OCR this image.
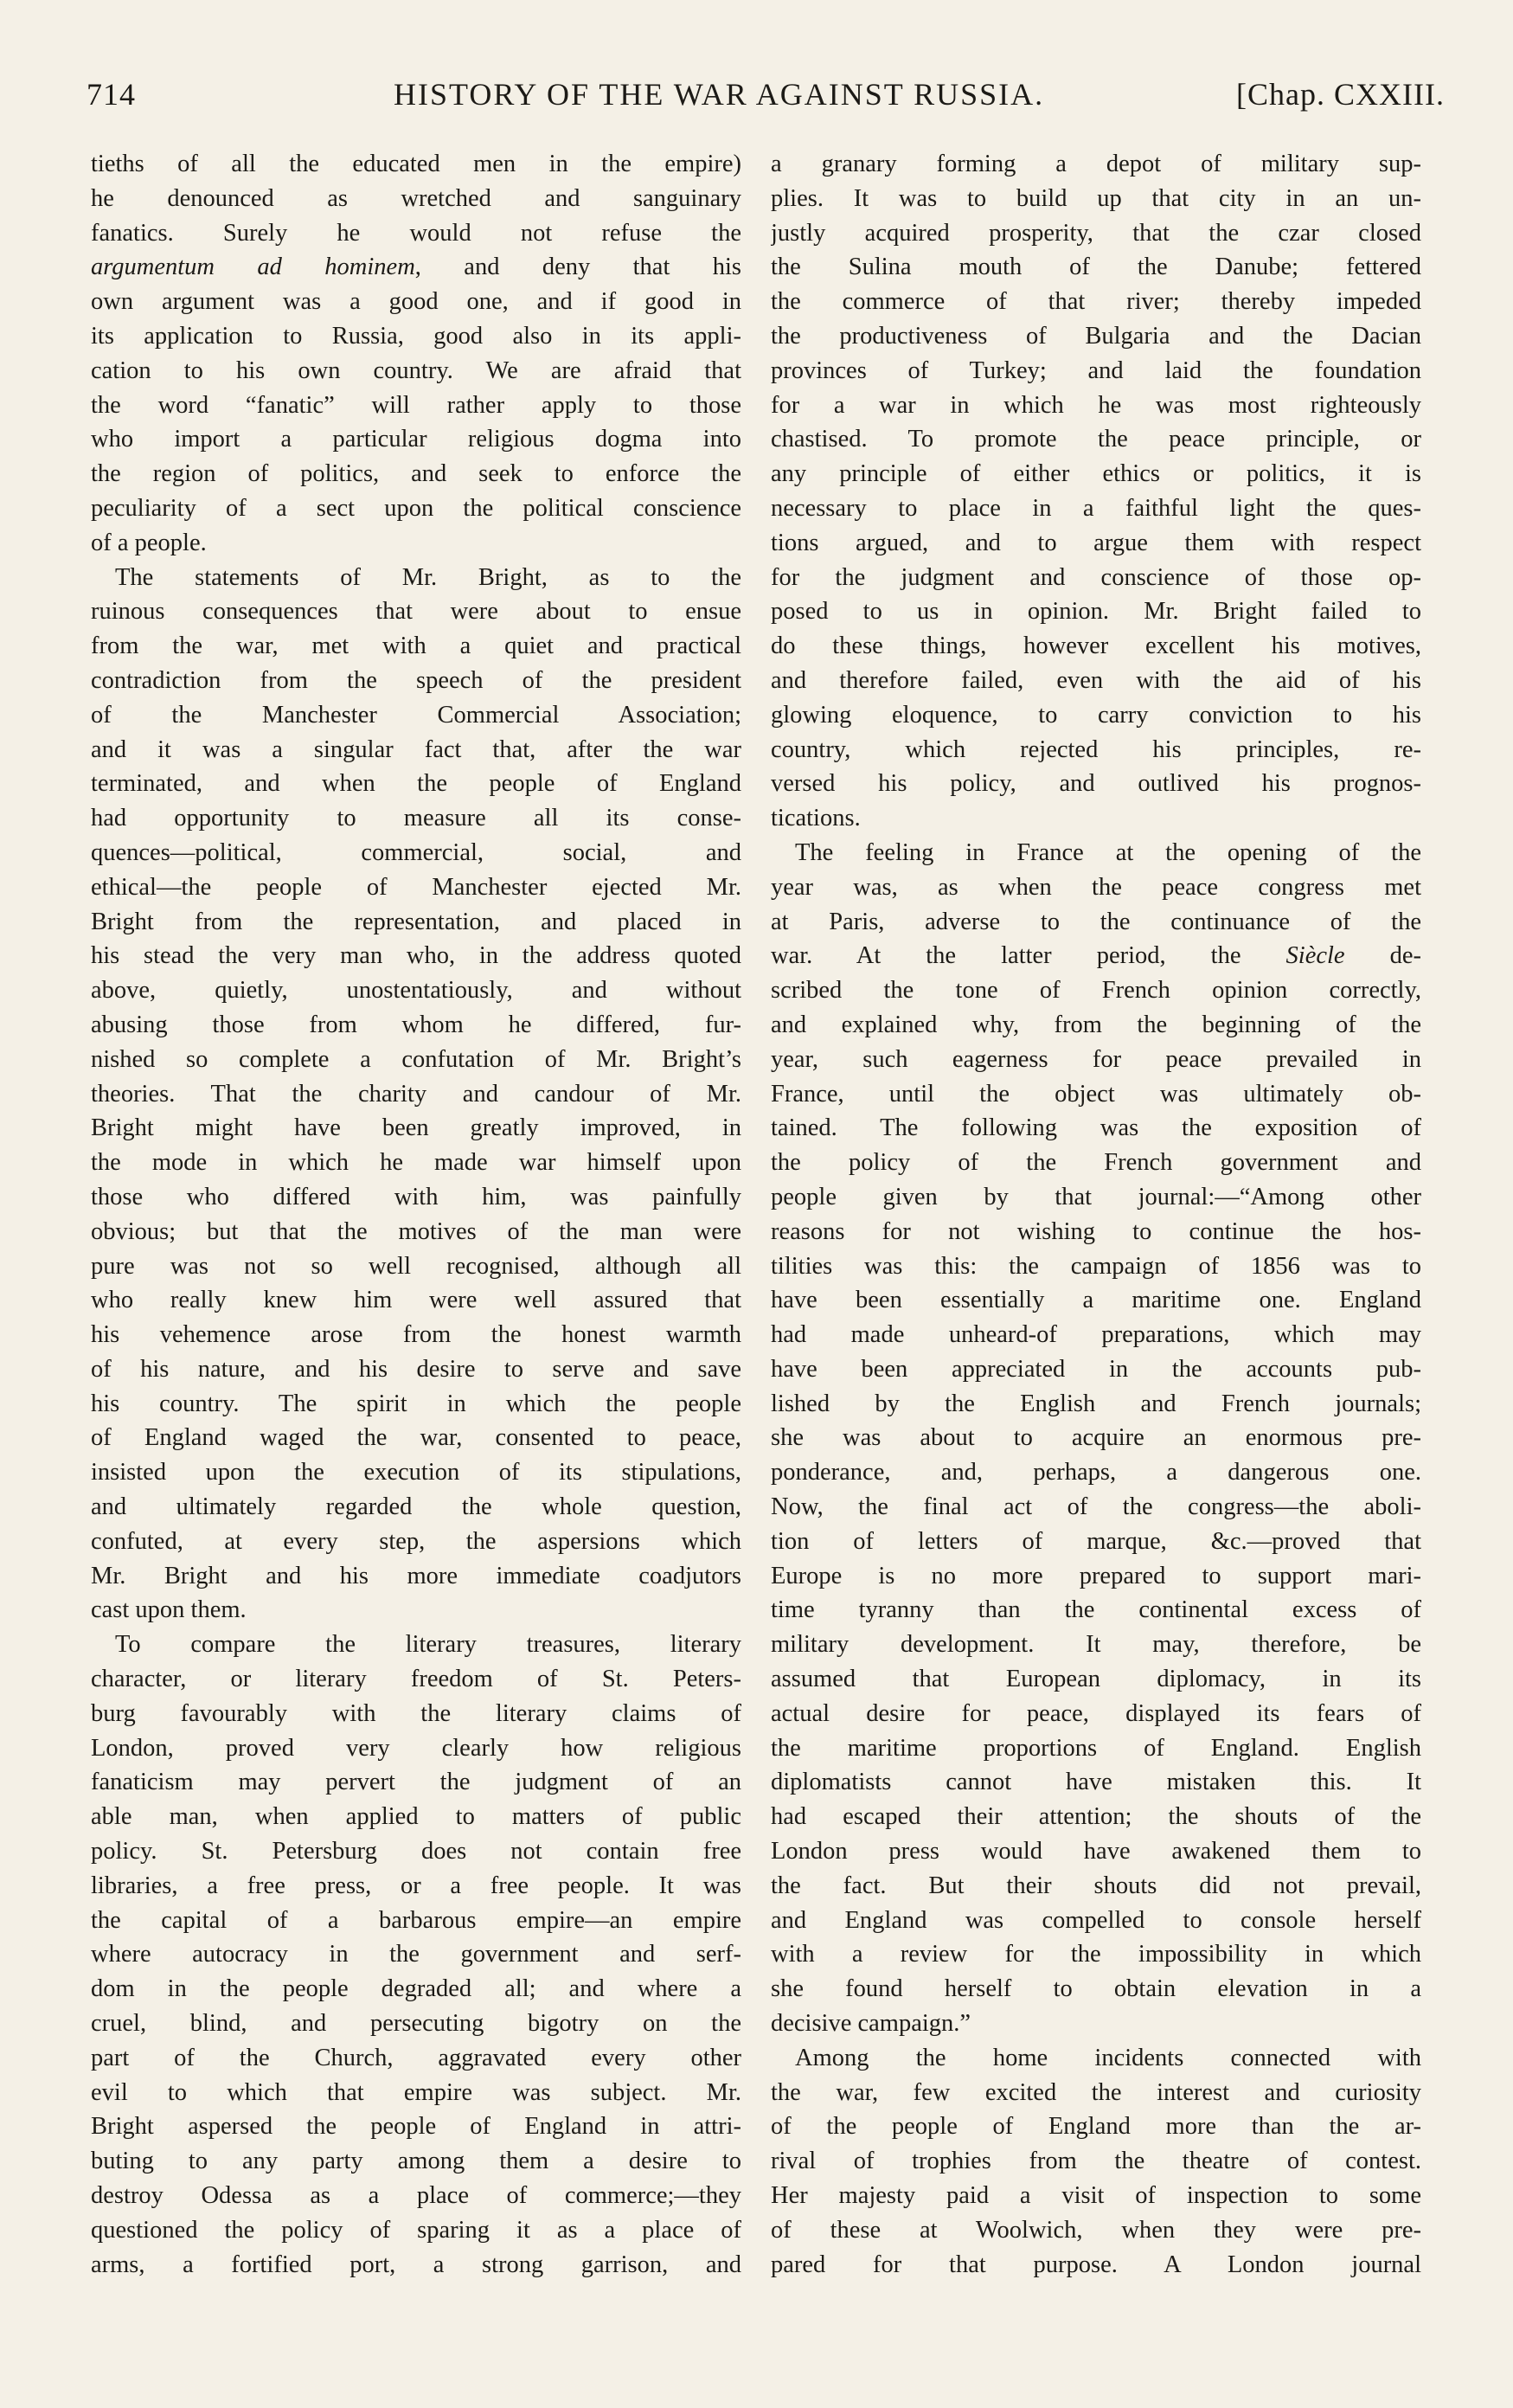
714	HISTORY OF THE WAR AGAINST RUSSIA.	[Chap. CXXIII.
tieths of all the educated men in the empire)
he denounced as wretched and sanguinary
fanatics. Surely he would not refuse the
argumentum ad hominem, and deny that his
own argument was a good one, and if good in
its application to Russia, good also in its appli-
cation to his own country. We are afraid that
the word “fanatic” will rather apply to those
who import a particular religious dogma into
the region of politics, and seek to enforce the
peculiarity of a sect upon the political conscience
of a people.
The statements of Mr. Bright, as to the
ruinous consequences that were about to ensue
from the war, met with a quiet and practical
contradiction from the speech of the president
of the Manchester Commercial Association;
and it was a singular fact that, after the war
terminated, and when the people of England
had opportunity to measure all its conse-
quences—political, commercial, social, and
ethical—the people of Manchester ejected Mr.
Bright from the representation, and placed in
his stead the very man who, in the address quoted
above, quietly, unostentatiously, and without
abusing those from whom he differed, fur-
nished so complete a confutation of Mr. Bright’s
theories. That the charity and candour of Mr.
Bright might have been greatly improved, in
the mode in which he made war himself upon
those who differed with him, was painfully
obvious; but that the motives of the man were
pure was not so well recognised, although all
who really knew him were well assured that
his vehemence arose from the honest warmth
of his nature, and his desire to serve and save
his country. The spirit in which the people
of England waged the war, consented to peace,
insisted upon the execution of its stipulations,
and ultimately regarded the whole question,
confuted, at every step, the aspersions which
Mr. Bright and his more immediate coadjutors
cast upon them.
To compare the literary treasures, literary
character, or literary freedom of St. Peters-
burg favourably with the literary claims of
London, proved very clearly how religious
fanaticism may pervert the judgment of an
able man, when applied to matters of public
policy. St. Petersburg does not contain free
libraries, a free press, or a free people. It was
the capital of a barbarous empire—an empire
where autocracy in the government and serf-
dom in the people degraded all; and where a
cruel, blind, and persecuting bigotry on the
part of the Church, aggravated every other
evil to which that empire was subject. Mr.
Bright aspersed the people of England in attri-
buting to any party among them a desire to
destroy Odessa as a place of commerce;—they
questioned the policy of sparing it as a place of
arms, a fortified port, a strong garrison, and
a granary forming a depot of military sup-
plies. It was to build up that city in an un-
justly acquired prosperity, that the czar closed
the Sulina mouth of the Danube; fettered
the commerce of that river; thereby impeded
the productiveness of Bulgaria and the Dacian
provinces of Turkey; and laid the foundation
for a war in which he was most righteously
chastised. To promote the peace principle, or
any principle of either ethics or politics, it is
necessary to place in a faithful light the ques-
tions argued, and to argue them with respect
for the judgment and conscience of those op-
posed to us in opinion. Mr. Bright failed to
do these things, however excellent his motives,
and therefore failed, even with the aid of his
glowing eloquence, to carry conviction to his
country, which rejected his principles, re-
versed his policy, and outlived his prognos-
tications.
The feeling in France at the opening of the
year was, as when the peace congress met
at Paris, adverse to the continuance of the
war. At the latter period, the Siècle de-
scribed the tone of French opinion correctly,
and explained why, from the beginning of the
year, such eagerness for peace prevailed in
France, until the object was ultimately ob-
tained. The following was the exposition of
the policy of the French government and
people given by that journal:—“Among other
reasons for not wishing to continue the hos-
tilities was this: the campaign of 1856 was to
have been essentially a maritime one. England
had made unheard-of preparations, which may
have been appreciated in the accounts pub-
lished by the English and French journals;
she was about to acquire an enormous pre-
ponderance, and, perhaps, a dangerous one.
Now, the final act of the congress—the aboli-
tion of letters of marque, &c.—proved that
Europe is no more prepared to support mari-
time tyranny than the continental excess of
military development. It may, therefore, be
assumed that European diplomacy, in its
actual desire for peace, displayed its fears of
the maritime proportions of England. English
diplomatists cannot have mistaken this. It
had escaped their attention; the shouts of the
London press would have awakened them to
the fact. But their shouts did not prevail,
and England was compelled to console herself
with a review for the impossibility in which
she found herself to obtain elevation in a
decisive campaign.”
Among the home incidents connected with
the war, few excited the interest and curiosity
of the people of England more than the ar-
rival of trophies from the theatre of contest.
Her majesty paid a visit of inspection to some
of these at Woolwich, when they were pre-
pared for that purpose. A London journal
